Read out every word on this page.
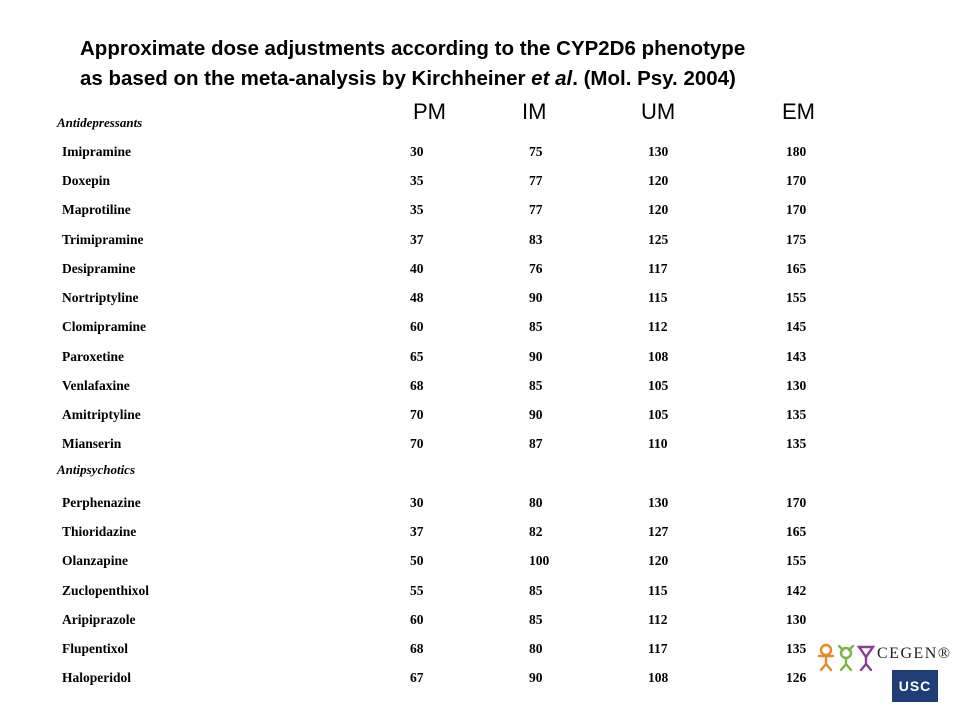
Approximate dose adjustments according to the CYP2D6 phenotype
as based on the meta-analysis by Kirchheiner et al. (Mol. Psy. 2004)
PM	IM	UM	EM
Antidepressants
Imipramine	30	75	130	180
Doxepin	35	77	120	170
Maprotiline	35	77	120	170
Trimipramine	37	83	125	175
Desipramine	40	76	117	165
Nortriptyline	48	90	115	155
Clomipramine	60	85	112	145
Paroxetine	65	90	108	143
Venlafaxine	68	85	105	130
Amitriptyline	70	90	105	135
Mianserin	70	87	110	135
Antipsychotics
Perphenazine	30	80	130	170
Thioridazine	37	82	127	165
Olanzapine	50	100	120	155
Zuclopenthixol	55	85	115	142
Aripiprazole	60	85	112	130
Flupentixol	68	80	117	135
Haloperidol	67	90	108	126
CEGEN®
USC
